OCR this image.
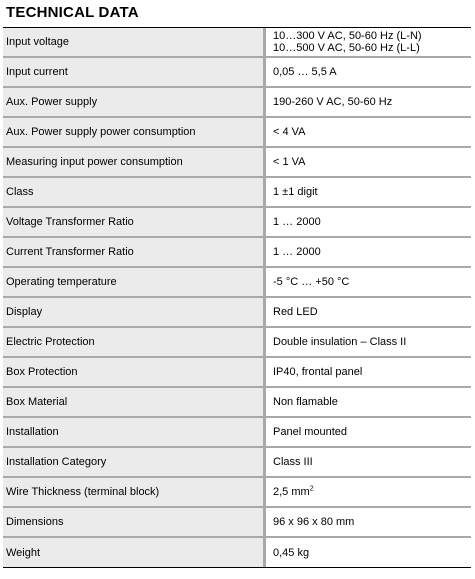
TECHNICAL DATA
Input voltage	10…300 V AC, 50-60 Hz (L-N)
10…500 V AC, 50-60 Hz (L-L)
Input current	0,05 … 5,5 A
Aux. Power supply	190-260 V AC, 50-60 Hz
Aux. Power supply power consumption	< 4 VA
Measuring input power consumption	< 1 VA
Class	1 ±1 digit
Voltage Transformer Ratio	1 … 2000
Current Transformer Ratio	1 … 2000
Operating temperature	-5 °C … +50 °C
Display	Red LED
Electric Protection	Double insulation – Class II
Box Protection	IP40, frontal panel
Box Material	Non flamable
Installation	Panel mounted
Installation Category	Class III
Wire Thickness (terminal block)	2,5 $mm^2$
Dimensions	96 x 96 x 80 mm
Weight	0,45 kg
